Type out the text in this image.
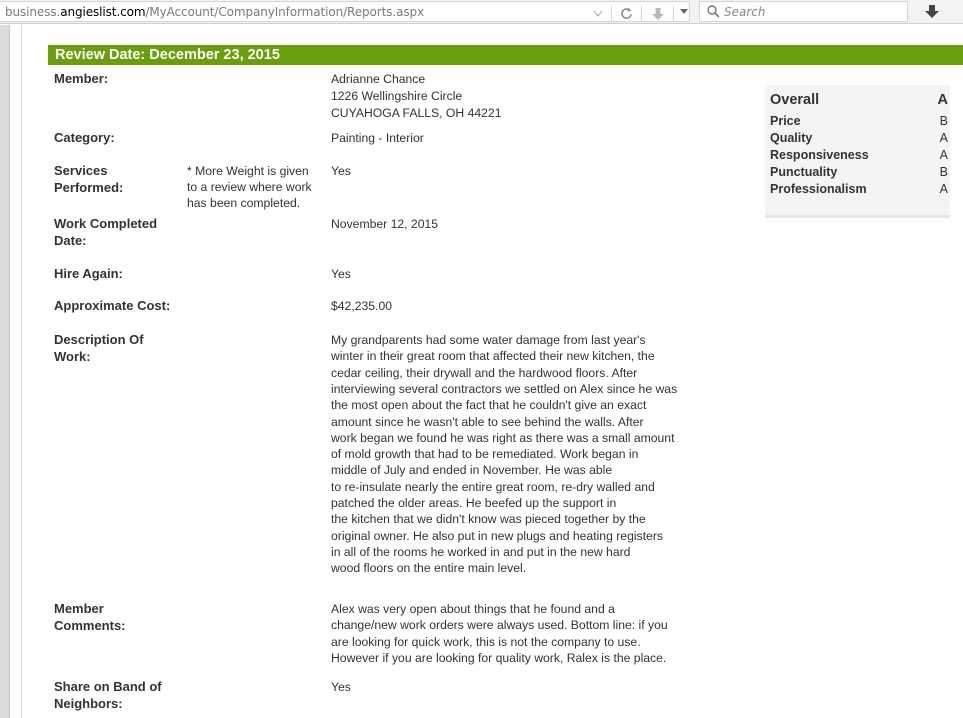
business.angieslist.com/MyAccount/CompanyInformation/Reports.aspx	Search
Review Date: December 23, 2015
Member:	Adrianne Chance
1226 Wellingshire Circle
CUYAHOGA FALLS, OH 44221
Category:	Painting - Interior
Services
Performed:
* More Weight is given to a review where work has been completed.
Yes
Work Completed
Date:
November 12, 2015
Hire Again:	Yes
Approximate Cost:	$42,235.00
Description Of
Work:
My grandparents had some water damage from last year's
winter in their great room that affected their new kitchen, the
cedar ceiling, their drywall and the hardwood floors. After
interviewing several contractors we settled on Alex since he was
the most open about the fact that he couldn't give an exact
amount since he wasn't able to see behind the walls. After
work began we found he was right as there was a small amount
of mold growth that had to be remediated. Work began in
middle of July and ended in November. He was able
to re-insulate nearly the entire great room, re-dry walled and
patched the older areas. He beefed up the support in
the kitchen that we didn't know was pieced together by the
original owner. He also put in new plugs and heating registers
in all of the rooms he worked in and put in the new hard
wood floors on the entire main level.
Member
Comments:
Alex was very open about things that he found and a
change/new work orders were always used. Bottom line: if you
are looking for quick work, this is not the company to use.
However if you are looking for quality work, Ralex is the place.
Share on Band of
Neighbors:
Yes
Overall	A
Price	B
Quality	A
Responsiveness	A
Punctuality	B
Professionalism	A
